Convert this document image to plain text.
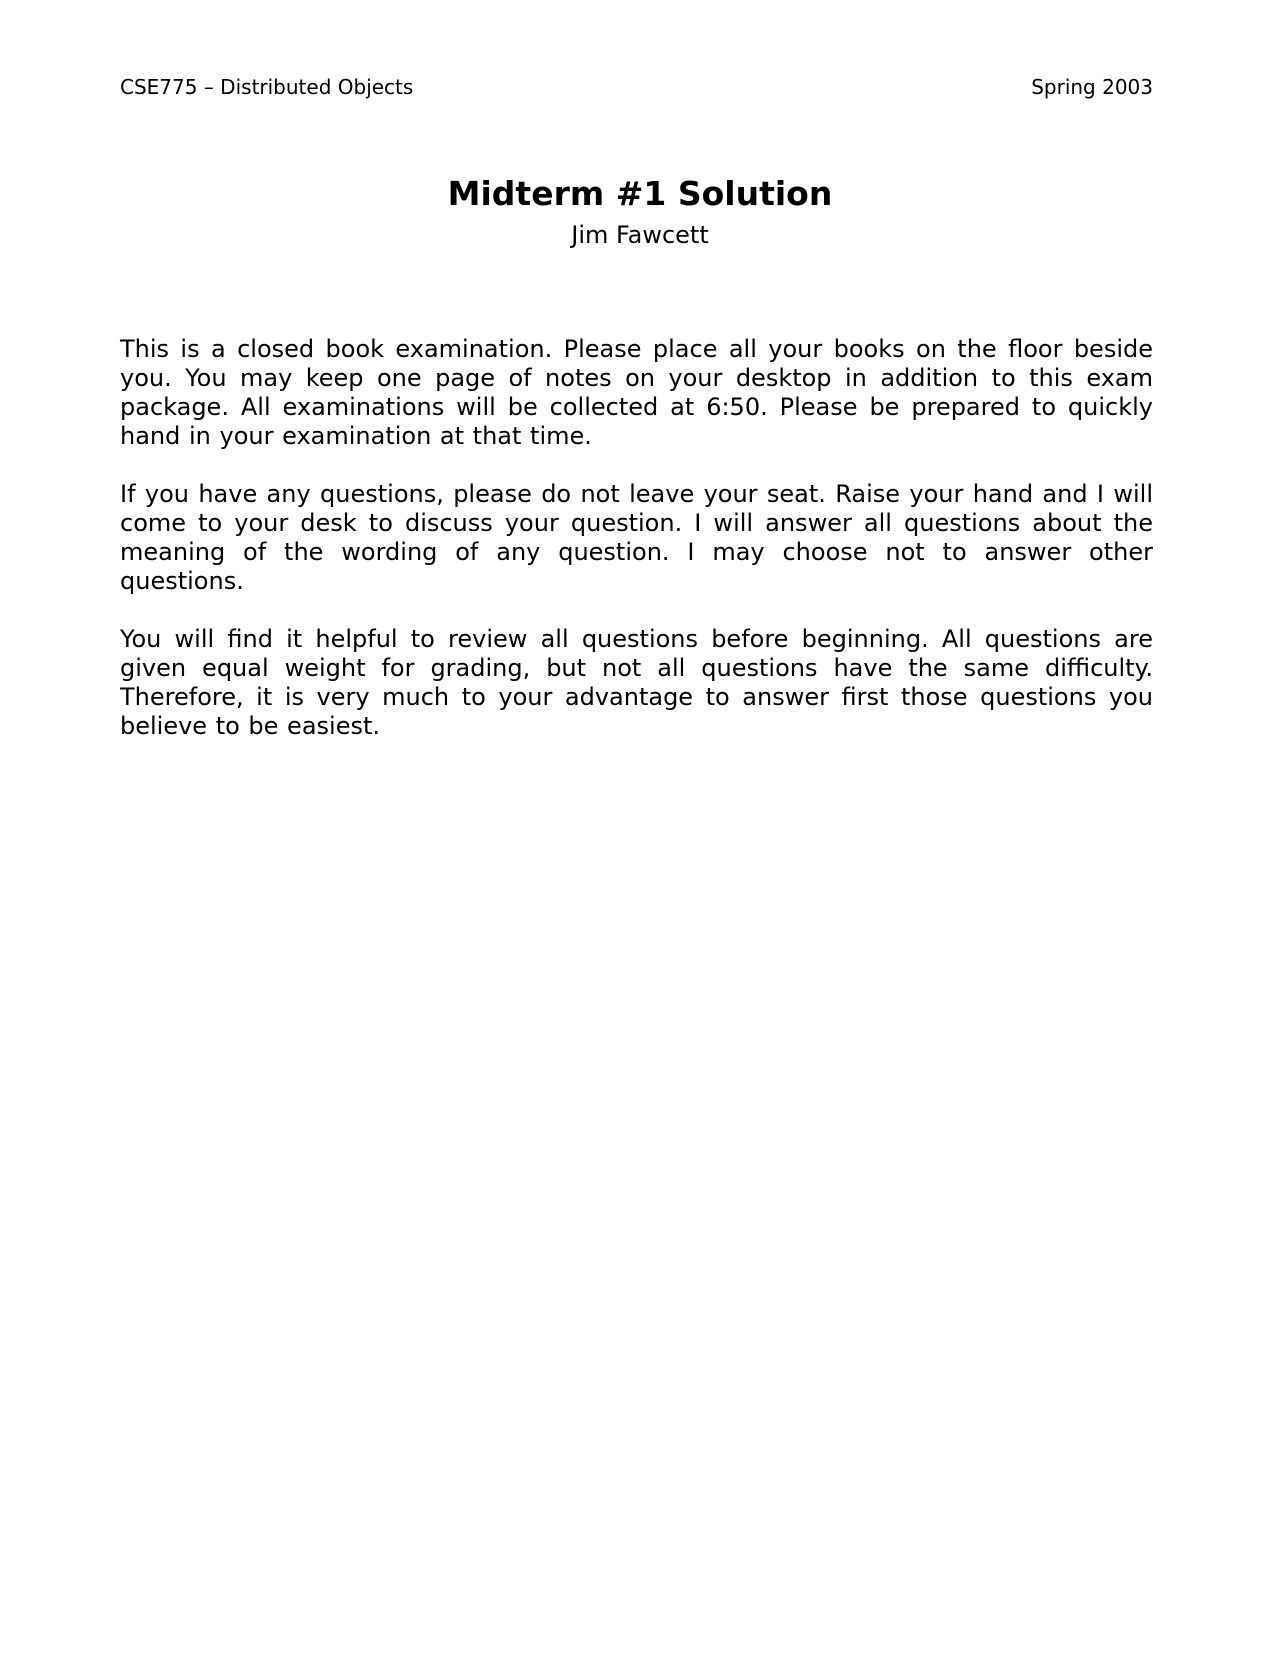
CSE775 – Distributed Objects	Spring 2003
Midterm #1 Solution
Jim Fawcett

This is a closed book examination. Please place all your books on the floor beside you. You may keep one page of notes on your desktop in addition to this exam package. All examinations will be collected at 6:50. Please be prepared to quickly hand in your examination at that time.

If you have any questions, please do not leave your seat. Raise your hand and I will come to your desk to discuss your question. I will answer all questions about the meaning of the wording of any question. I may choose not to answer other questions.

You will find it helpful to review all questions before beginning. All questions are given equal weight for grading, but not all questions have the same difficulty. Therefore, it is very much to your advantage to answer first those questions you believe to be easiest.
